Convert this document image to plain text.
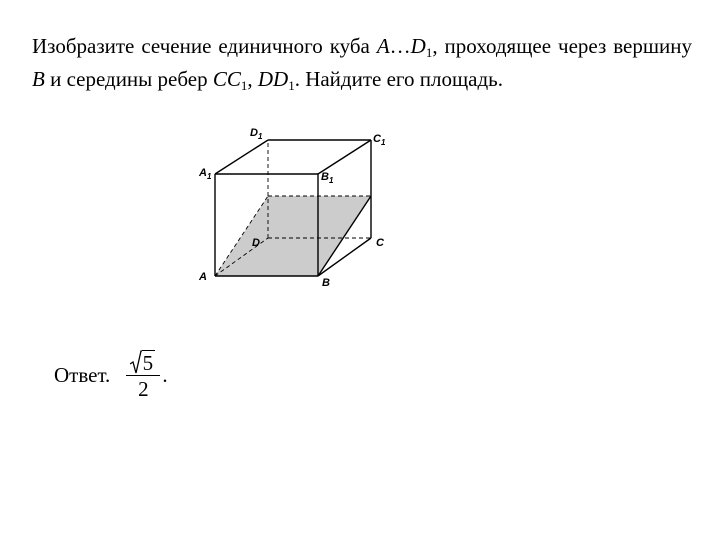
Изобразите сечение единичного куба $A\dots D_1$, проходящее через вершину B и середины ребер $CC_1$, $DD_1$. Найдите его площадь.
A	B
C
D
$A_1$	$B_1$
$C_1$
$D_1$
Ответ. $\frac{5}{2}$ .
